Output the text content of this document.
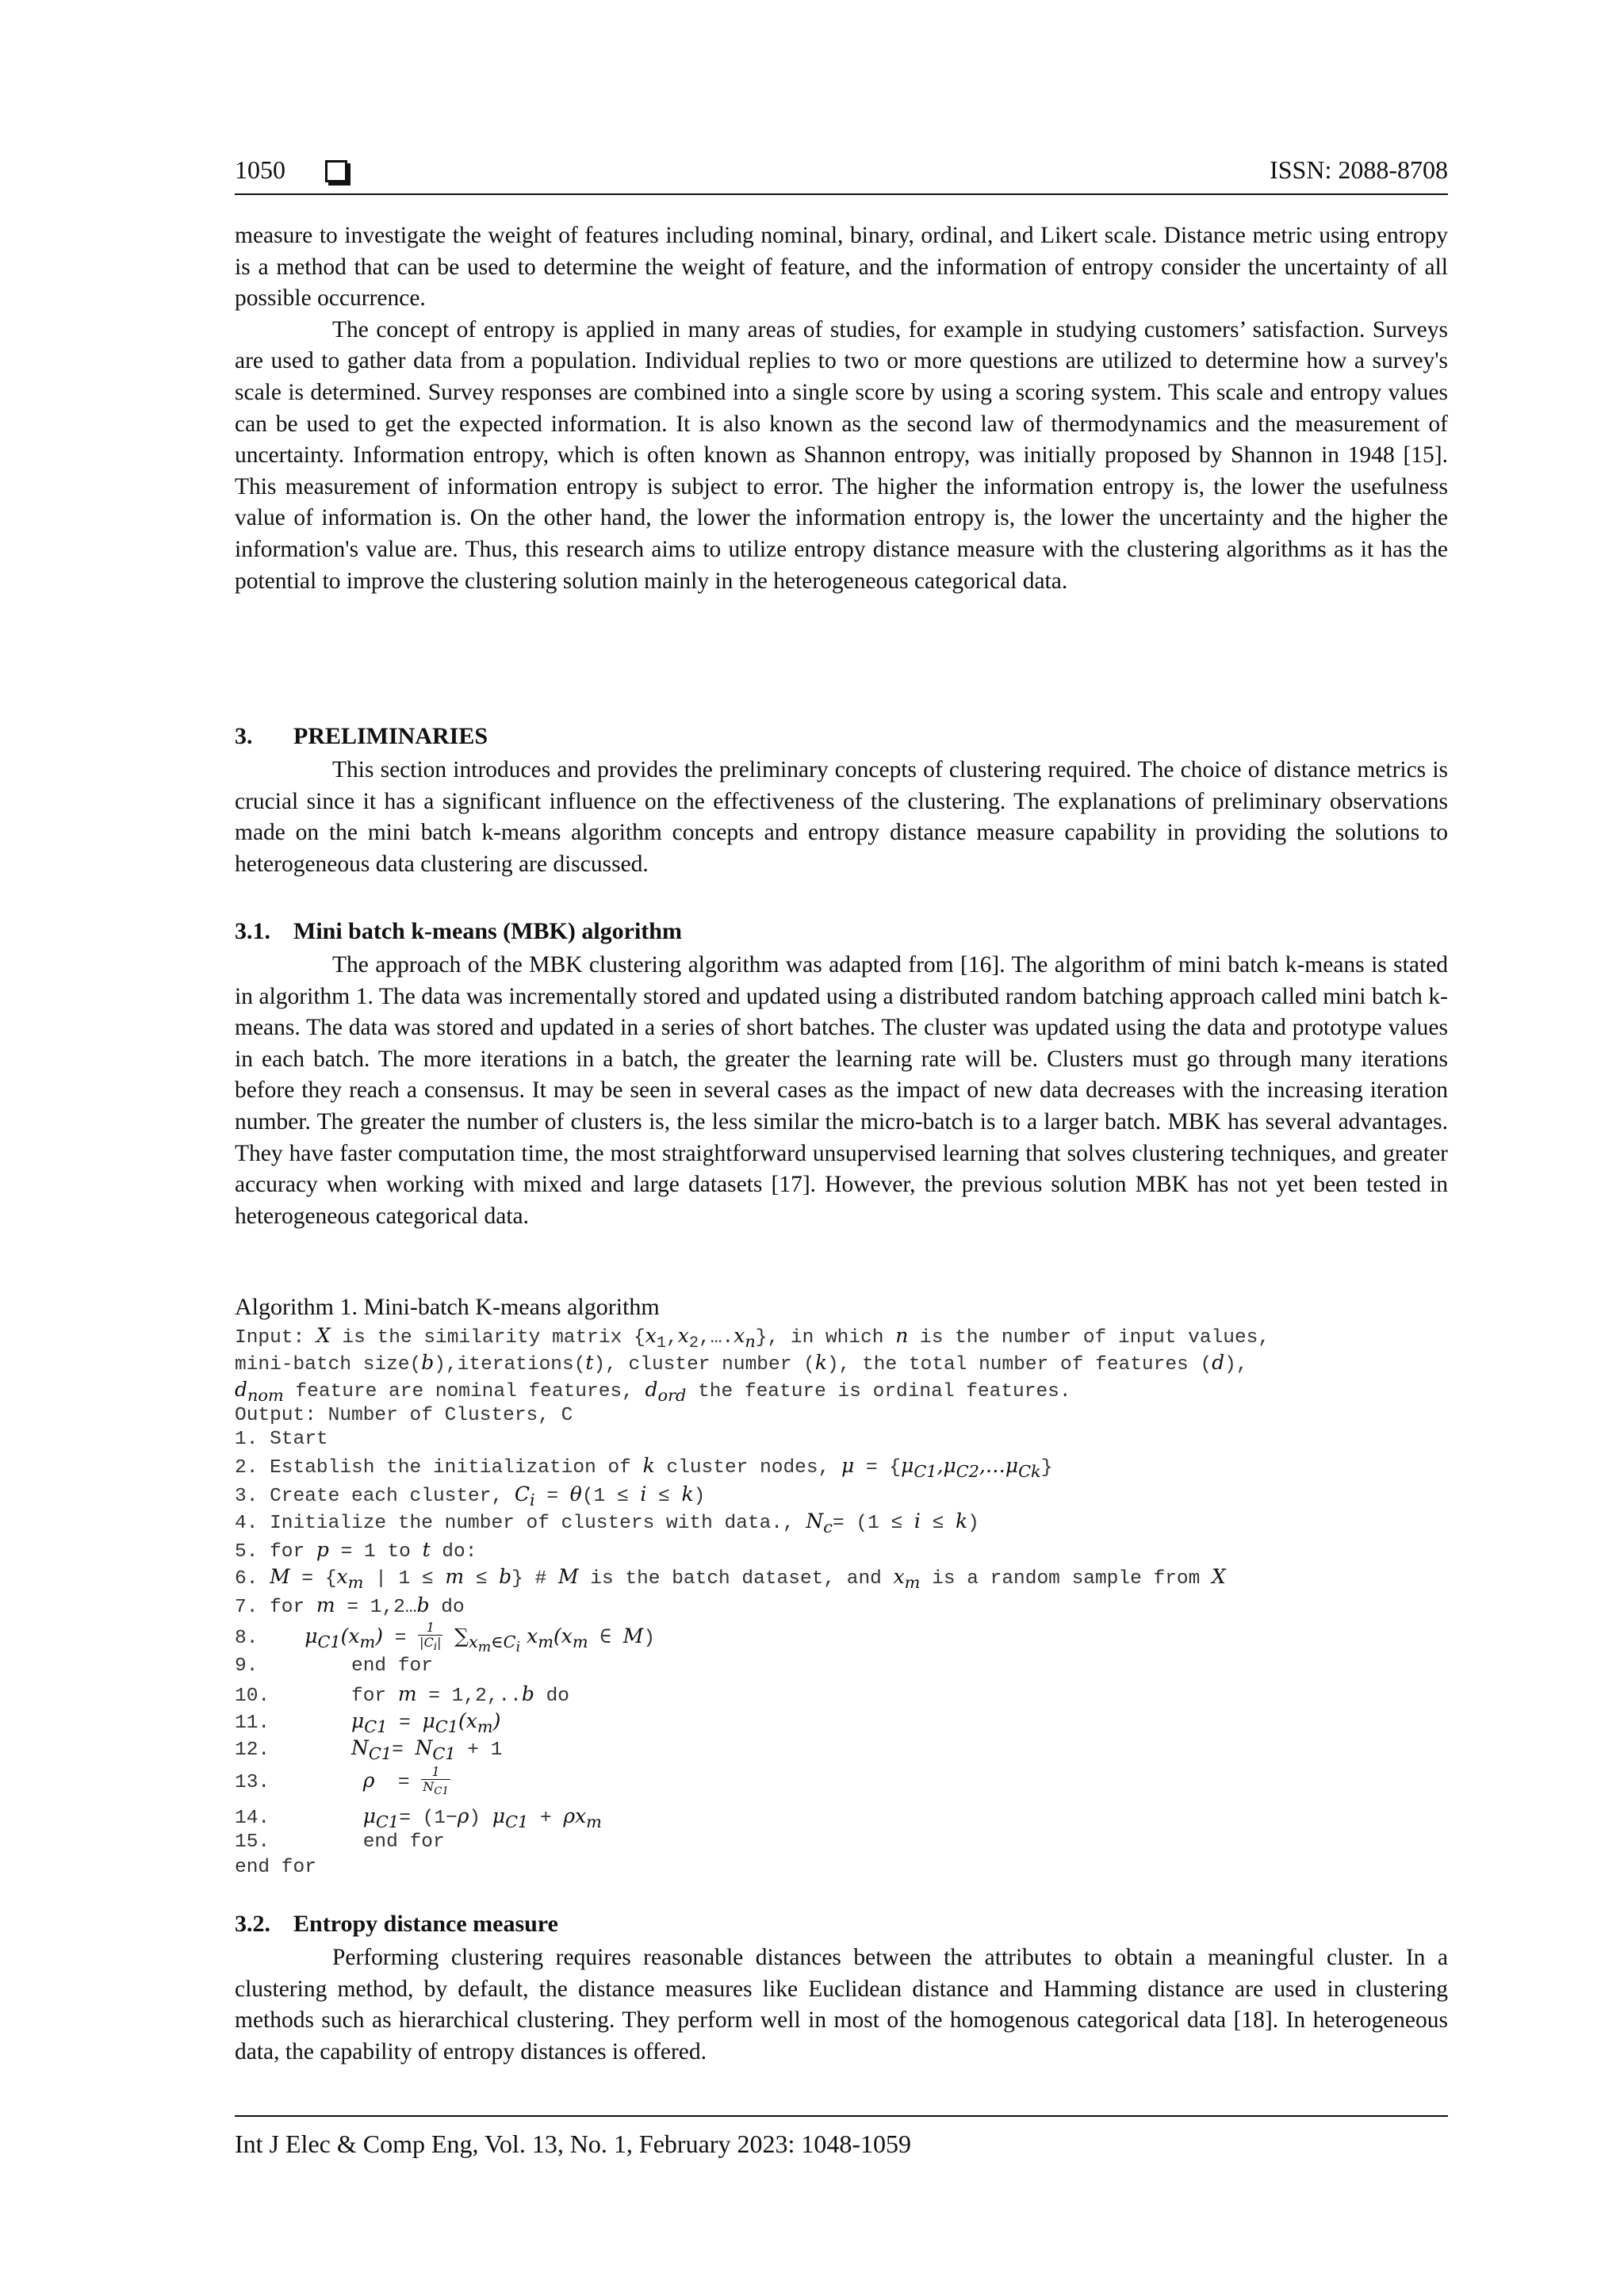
1050	ISSN: 2088-8708

measure to investigate the weight of features including nominal, binary, ordinal, and Likert scale. Distance metric using entropy is a method that can be used to determine the weight of feature, and the information of entropy consider the uncertainty of all possible occurrence.

The concept of entropy is applied in many areas of studies, for example in studying customers’ satisfaction. Surveys are used to gather data from a population. Individual replies to two or more questions are utilized to determine how a survey's scale is determined. Survey responses are combined into a single score by using a scoring system. This scale and entropy values can be used to get the expected information. It is also known as the second law of thermodynamics and the measurement of uncertainty. Information entropy, which is often known as Shannon entropy, was initially proposed by Shannon in 1948 [15]. This measurement of information entropy is subject to error. The higher the information entropy is, the lower the usefulness value of information is. On the other hand, the lower the information entropy is, the lower the uncertainty and the higher the information's value are. Thus, this research aims to utilize entropy distance measure with the clustering algorithms as it has the potential to improve the clustering solution mainly in the heterogeneous categorical data.

3. PRELIMINARIES

This section introduces and provides the preliminary concepts of clustering required. The choice of distance metrics is crucial since it has a significant influence on the effectiveness of the clustering. The explanations of preliminary observations made on the mini batch k-means algorithm concepts and entropy distance measure capability in providing the solutions to heterogeneous data clustering are discussed.

3.1. Mini batch k-means (MBK) algorithm

The approach of the MBK clustering algorithm was adapted from [16]. The algorithm of mini batch k-means is stated in algorithm 1. The data was incrementally stored and updated using a distributed random batching approach called mini batch k-means. The data was stored and updated in a series of short batches. The cluster was updated using the data and prototype values in each batch. The more iterations in a batch, the greater the learning rate will be. Clusters must go through many iterations before they reach a consensus. It may be seen in several cases as the impact of new data decreases with the increasing iteration number. The greater the number of clusters is, the less similar the micro-batch is to a larger batch. MBK has several advantages. They have faster computation time, the most straightforward unsupervised learning that solves clustering techniques, and greater accuracy when working with mixed and large datasets [17]. However, the previous solution MBK has not yet been tested in heterogeneous categorical data.

Algorithm 1. Mini-batch K-means algorithm
Input: X is the similarity matrix $\{x_1,x_2,\dots.x_n\}$, in which n is the number of input values,
mini-batch size(b),iterations(t), cluster number (k), the total number of features (d),
$d_{nom}$ feature are nominal features, $d_{ord}$ the feature is ordinal features.
Output: Number of Clusters, C
1. Start
2. Establish the initialization of k cluster nodes, $\mu = \{\mu_{C1},\mu_{C2},\dots\mu_{Ck}\}$
3. Create each cluster, $C_i = \theta(1 \le i \le k)$
4. Initialize the number of clusters with data., $N_c= (1 \le i \le k)$
5. for p = 1 to t do:
6. $M = \{x_m$ | 1 ≤ m ≤ b} # M is the batch dataset, and $x_m$ is a random sample from X
7. for m = 1,2…b do
8.    $\mu_{C1}(x_m) = \frac{1}{|C_i|} \sum_{x_m\in C_i}$ $x_m(x_m$ ∈ M)
9.        end for
10.       for m = 1,2,..b do
11.       $\mu_{C1} = \mu_{C1}(x_m)$
12.       $N_{C1}= N_{C1} + 1$
13.        $\rho = \frac{1}{N_{C1}}$
14.        $\mu_{C1}= (1-\rho) \mu_{C1} + \rho x_m$
15.        end for
end for
3.2. Entropy distance measure

Performing clustering requires reasonable distances between the attributes to obtain a meaningful cluster. In a clustering method, by default, the distance measures like Euclidean distance and Hamming distance are used in clustering methods such as hierarchical clustering. They perform well in most of the homogenous categorical data [18]. In heterogeneous data, the capability of entropy distances is offered.

Int J Elec & Comp Eng, Vol. 13, No. 1, February 2023: 1048-1059
